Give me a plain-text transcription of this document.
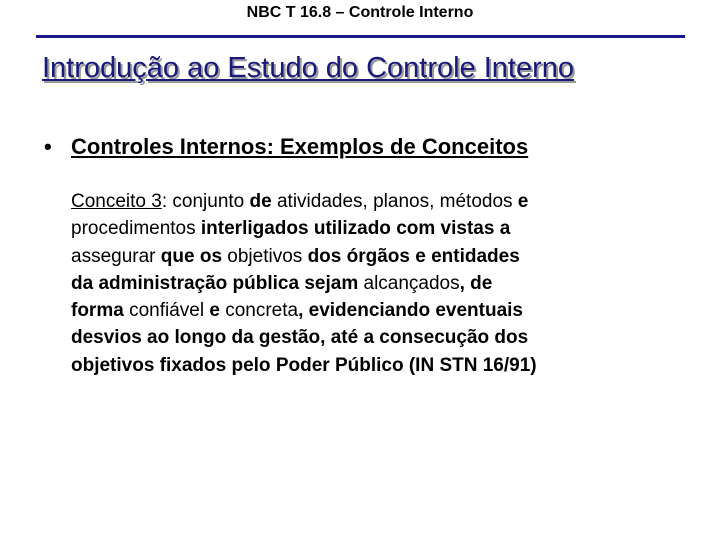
NBC T 16.8 – Controle Interno
Introdução ao Estudo do Controle Interno
• Controles Internos: Exemplos de Conceitos
Conceito 3: conjunto de atividades, planos, métodos e
procedimentos interligados utilizado com vistas a
assegurar que os objetivos dos órgãos e entidades
da administração pública sejam alcançados, de
forma confiável e concreta, evidenciando eventuais
desvios ao longo da gestão, até a consecução dos
objetivos fixados pelo Poder Público (IN STN 16/91)
